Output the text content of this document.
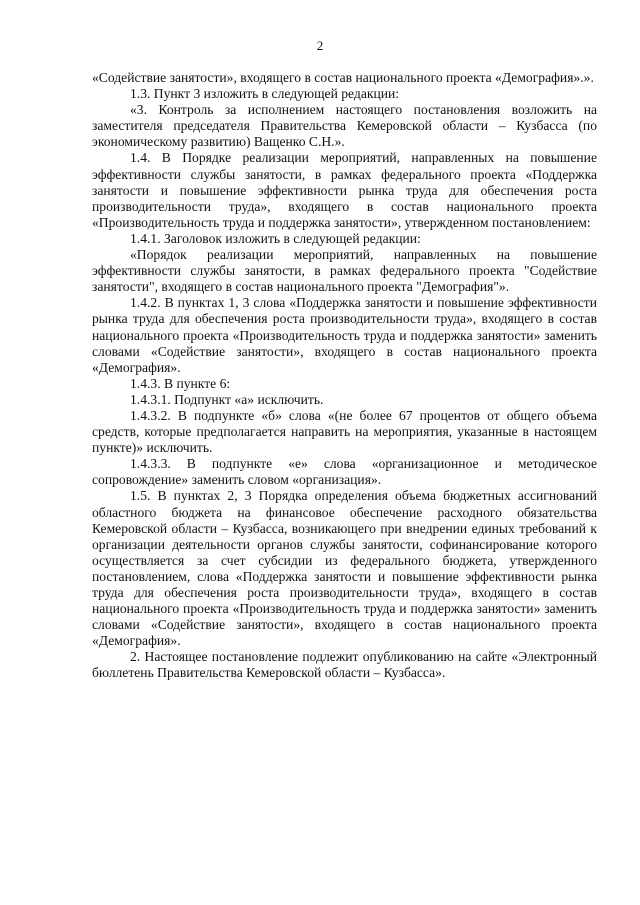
2

«Содействие занятости», входящего в состав национального проекта «Демография».».

1.3. Пункт 3 изложить в следующей редакции:

«3. Контроль за исполнением настоящего постановления возложить на заместителя председателя Правительства Кемеровской области – Кузбасса (по экономическому развитию) Ващенко С.Н.».

1.4. В Порядке реализации мероприятий, направленных на повышение эффективности службы занятости, в рамках федерального проекта «Поддержка занятости и повышение эффективности рынка труда для обеспечения роста производительности труда», входящего в состав национального проекта «Производительность труда и поддержка занятости», утвержденном постановлением:

1.4.1. Заголовок изложить в следующей редакции:

«Порядок реализации мероприятий, направленных на повышение эффективности службы занятости, в рамках федерального проекта "Содействие занятости", входящего в состав национального проекта "Демография"».

1.4.2. В пунктах 1, 3 слова «Поддержка занятости и повышение эффективности рынка труда для обеспечения роста производительности труда», входящего в состав национального проекта «Производительность труда и поддержка занятости» заменить словами «Содействие занятости», входящего в состав национального проекта «Демография».

1.4.3. В пункте 6:

1.4.3.1. Подпункт «а» исключить.

1.4.3.2. В подпункте «б» слова «(не более 67 процентов от общего объема средств, которые предполагается направить на мероприятия, указанные в настоящем пункте)» исключить.

1.4.3.3. В подпункте «е» слова «организационное и методическое сопровождение» заменить словом «организация».

1.5. В пунктах 2, 3 Порядка определения объема бюджетных ассигнований областного бюджета на финансовое обеспечение расходного обязательства Кемеровской области – Кузбасса, возникающего при внедрении единых требований к организации деятельности органов службы занятости, софинансирование которого осуществляется за счет субсидии из федерального бюджета, утвержденного постановлением, слова «Поддержка занятости и повышение эффективности рынка труда для обеспечения роста производительности труда», входящего в состав национального проекта «Производительность труда и поддержка занятости» заменить словами «Содействие занятости», входящего в состав национального проекта «Демография».

2. Настоящее постановление подлежит опубликованию на сайте «Электронный бюллетень Правительства Кемеровской области – Кузбасса».
